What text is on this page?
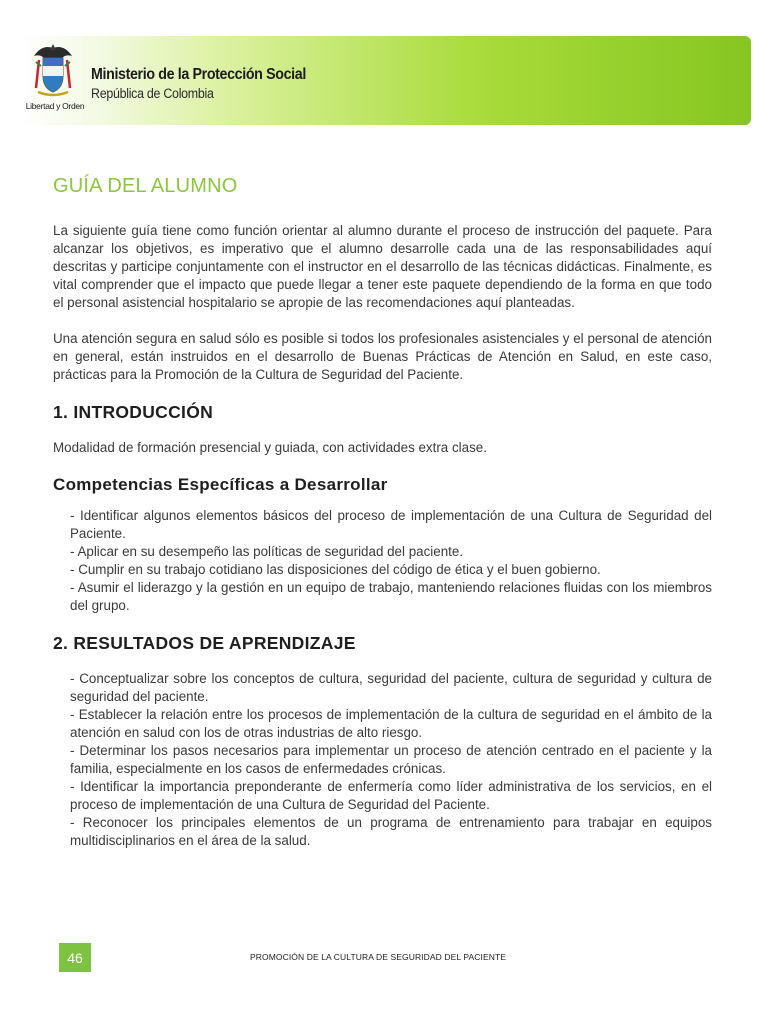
Libertad y Orden
Ministerio de la Protección Social
República de Colombia
GUÍA DEL ALUMNO

La siguiente guía tiene como función orientar al alumno durante el proceso de instrucción del paquete. Para alcanzar los objetivos, es imperativo que el alumno desarrolle cada una de las responsabilidades aquí descritas y participe conjuntamente con el instructor en el desarrollo de las técnicas didácticas. Finalmente, es vital comprender que el impacto que puede llegar a tener este paquete dependiendo de la forma en que todo el personal asistencial hospitalario se apropie de las recomendaciones aquí planteadas.

Una atención segura en salud sólo es posible si todos los profesionales asistenciales y el personal de atención en general, están instruidos en el desarrollo de Buenas Prácticas de Atención en Salud, en este caso, prácticas para la Promoción de la Cultura de Seguridad del Paciente.

1. INTRODUCCIÓN

Modalidad de formación presencial y guiada, con actividades extra clase.

Competencias Específicas a Desarrollar
- Identificar algunos elementos básicos del proceso de implementación de una Cultura de Seguridad del Paciente.
- Aplicar en su desempeño las políticas de seguridad del paciente.
- Cumplir en su trabajo cotidiano las disposiciones del código de ética y el buen gobierno.
- Asumir el liderazgo y la gestión en un equipo de trabajo, manteniendo relaciones fluidas con los miembros del grupo.
2. RESULTADOS DE APRENDIZAJE
- Conceptualizar sobre los conceptos de cultura, seguridad del paciente, cultura de seguridad y cultura de seguridad del paciente.
- Establecer la relación entre los procesos de implementación de la cultura de seguridad en el ámbito de la atención en salud con los de otras industrias de alto riesgo.
- Determinar los pasos necesarios para implementar un proceso de atención centrado en el paciente y la familia, especialmente en los casos de enfermedades crónicas.
- Identificar la importancia preponderante de enfermería como líder administrativa de los servicios, en el proceso de implementación de una Cultura de Seguridad del Paciente.
- Reconocer los principales elementos de un programa de entrenamiento para trabajar en equipos multidisciplinarios en el área de la salud.
46	PROMOCIÓN DE LA CULTURA DE SEGURIDAD DEL PACIENTE
